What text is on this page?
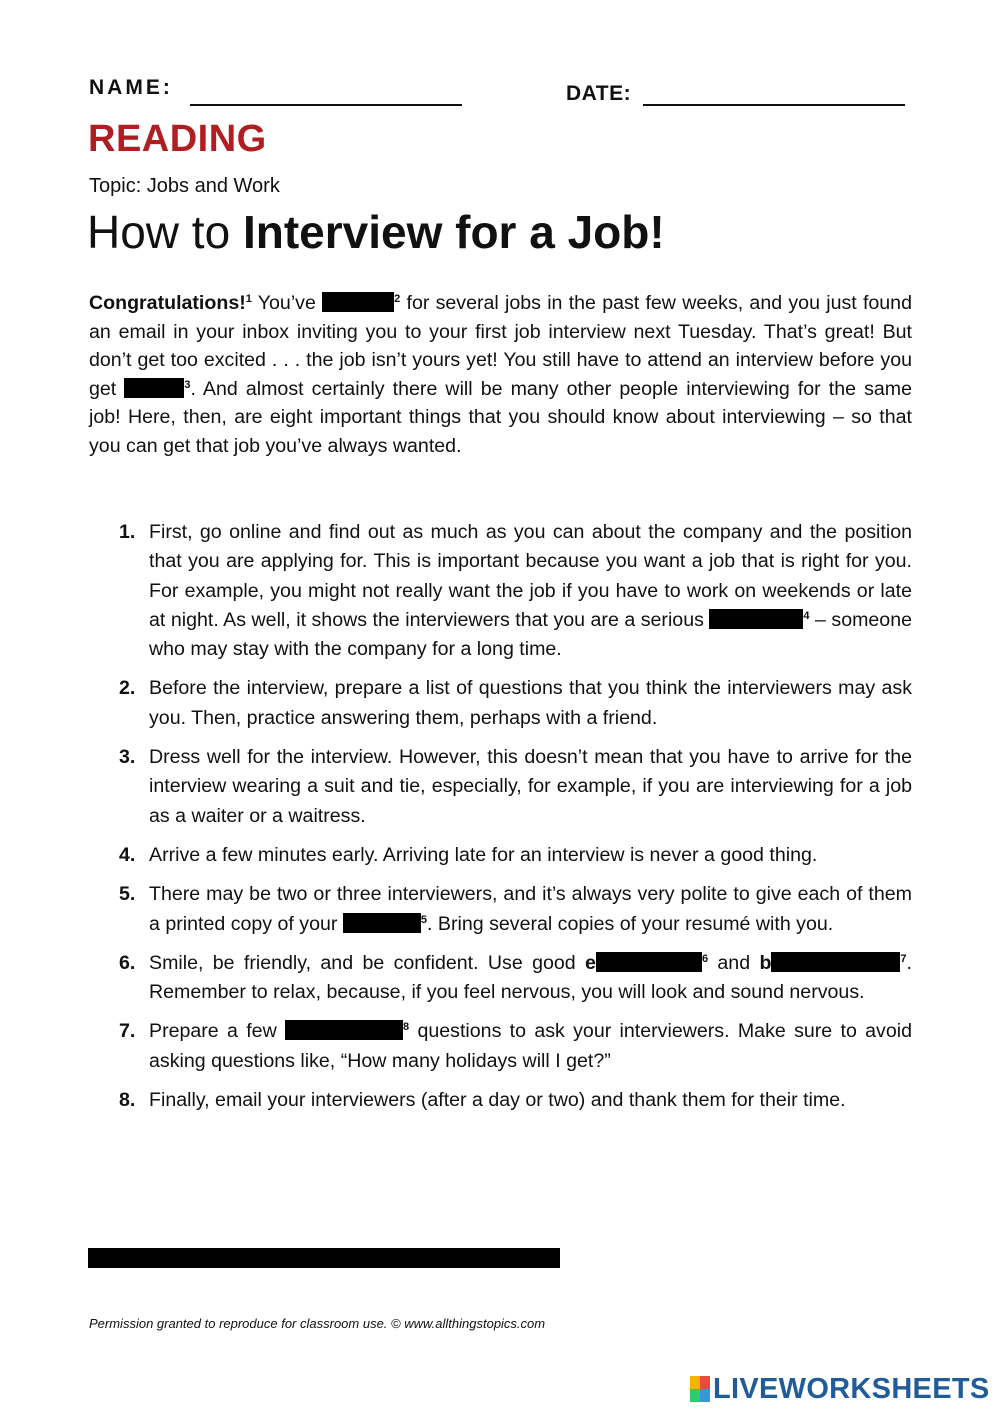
NAME:	DATE:
READING
Topic: Jobs and Work
How to Interview for a Job!
Congratulations!$^1$ You’ve	$^2$ for several jobs in the past few weeks, and you just found an email in your inbox inviting you to your first job interview next Tuesday. That’s great! But don’t get too excited . . . the job isn’t yours yet! You still have to attend an interview before you get	$^3$. And almost certainly there will be many other people interviewing for the same job! Here, then, are eight important things that you should know about interviewing – so that you can get that job you’ve always wanted.
1. First, go online and find out as much as you can about the company and the position that you are applying for. This is important because you want a job that is right for you. For example, you might not really want the job if you have to work on weekends or late at night. As well, it shows the interviewers that you are a serious	$^4$ – someone who may stay with the company for a long time.
2. Before the interview, prepare a list of questions that you think the interviewers may ask you. Then, practice answering them, perhaps with a friend.
3. Dress well for the interview. However, this doesn’t mean that you have to arrive for the interview wearing a suit and tie, especially, for example, if you are interviewing for a job as a waiter or a waitress.
4. Arrive a few minutes early. Arriving late for an interview is never a good thing.
5. There may be two or three interviewers, and it’s always very polite to give each of them a printed copy of your	$^5$. Bring several copies of your resumé with you.
6. Smile, be friendly, and be confident. Use good e	$^6$ and b	$^7$. Remember to relax, because, if you feel nervous, you will look and sound nervous.
7. Prepare a few	$^8$ questions to ask your interviewers. Make sure to avoid asking questions like, “How many holidays will I get?”
8. Finally, email your interviewers (after a day or two) and thank them for their time.
Permission granted to reproduce for classroom use. © www.allthingstopics.com
LIVEWORKSHEETS
